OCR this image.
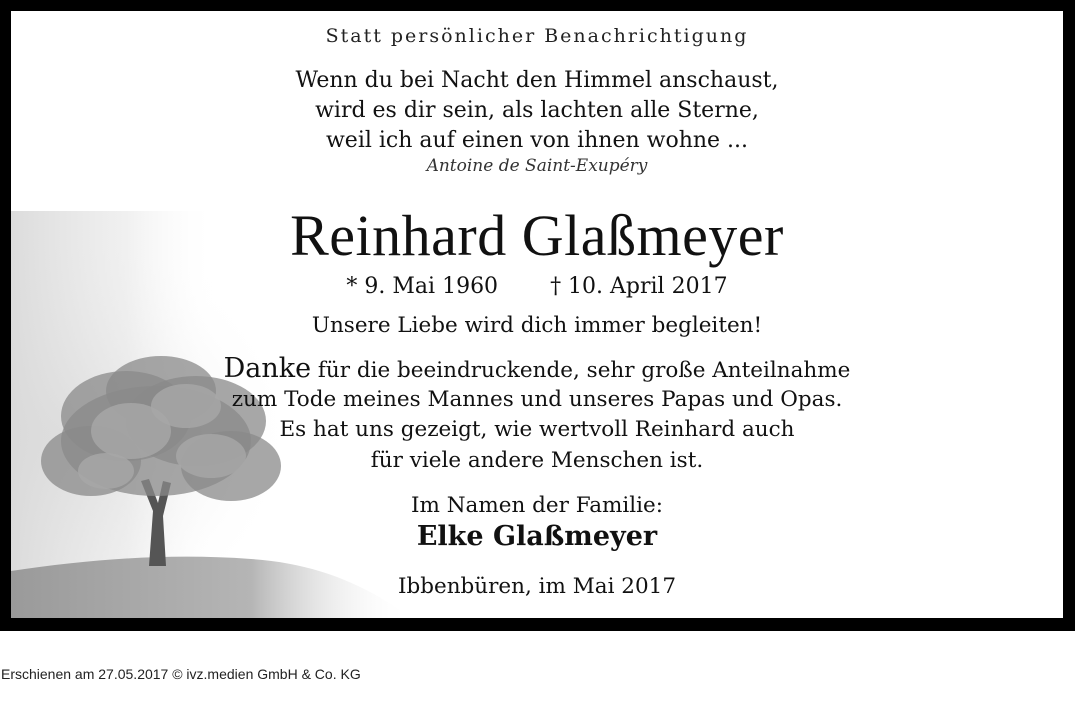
Statt persönlicher Benachrichtigung
Wenn du bei Nacht den Himmel anschaust,
wird es dir sein, als lachten alle Sterne,
weil ich auf einen von ihnen wohne ...
Antoine de Saint-Exupéry
Reinhard Glaßmeyer
* 9. Mai 1960 † 10. April 2017
Unsere Liebe wird dich immer begleiten!
Danke für die beeindruckende, sehr große Anteilnahme
zum Tode meines Mannes und unseres Papas und Opas.
Es hat uns gezeigt, wie wertvoll Reinhard auch
für viele andere Menschen ist.
Im Namen der Familie:
Elke Glaßmeyer
Ibbenbüren, im Mai 2017
Erschienen am 27.05.2017 © ivz.medien GmbH & Co. KG
